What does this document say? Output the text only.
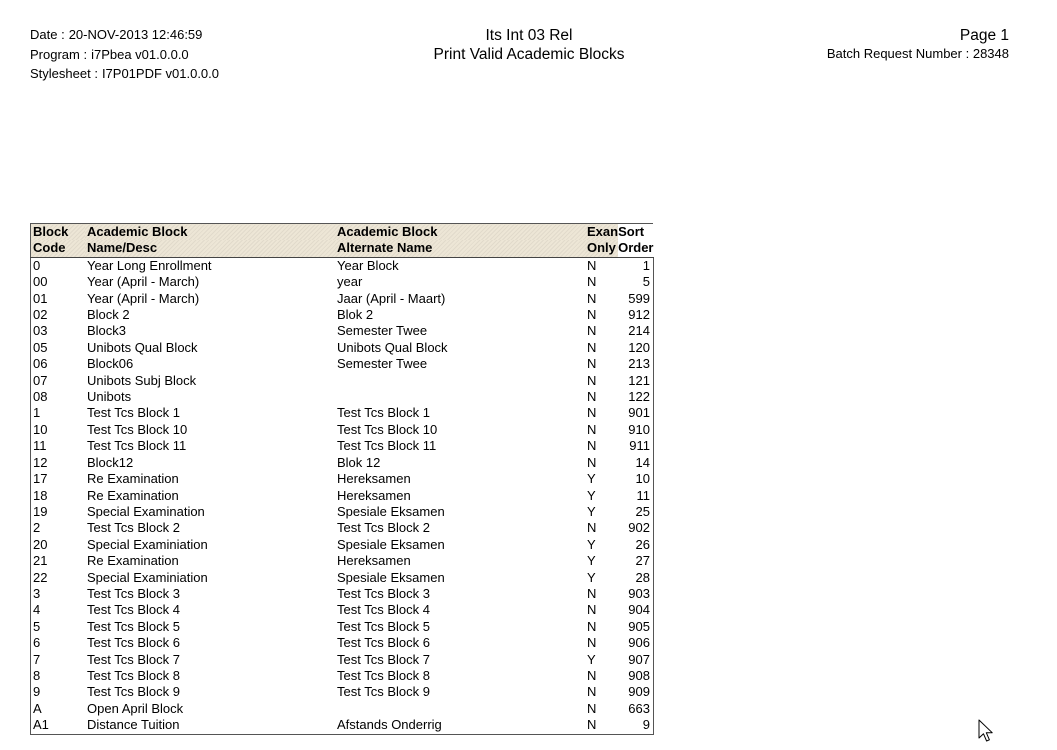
Date : 20-NOV-2013 12:46:59
Program : i7Pbea v01.0.0.0
Stylesheet : I7P01PDF v01.0.0.0
Its Int 03 Rel
Print Valid Academic Blocks
Page 1
Batch Request Number : 28348
Block	Academic Block	Academic Block	Exan	Sort
Code	Name/Desc	Alternate Name	Only	Order
0	Year Long Enrollment	Year Block	N	1
00	Year (April - March)	year	N	5
01	Year (April - March)	Jaar (April - Maart)	N	599
02	Block 2	Blok 2	N	912
03	Block3	Semester Twee	N	214
05	Unibots Qual Block	Unibots Qual Block	N	120
06	Block06	Semester Twee	N	213
07	Unibots Subj Block		N	121
08	Unibots		N	122
1	Test Tcs Block 1	Test Tcs Block 1	N	901
10	Test Tcs Block 10	Test Tcs Block 10	N	910
11	Test Tcs Block 11	Test Tcs Block 11	N	911
12	Block12	Blok 12	N	14
17	Re Examination	Hereksamen	Y	10
18	Re Examination	Hereksamen	Y	11
19	Special Examination	Spesiale Eksamen	Y	25
2	Test Tcs Block 2	Test Tcs Block 2	N	902
20	Special Examiniation	Spesiale Eksamen	Y	26
21	Re Examination	Hereksamen	Y	27
22	Special Examiniation	Spesiale Eksamen	Y	28
3	Test Tcs Block 3	Test Tcs Block 3	N	903
4	Test Tcs Block 4	Test Tcs Block 4	N	904
5	Test Tcs Block 5	Test Tcs Block 5	N	905
6	Test Tcs Block 6	Test Tcs Block 6	N	906
7	Test Tcs Block 7	Test Tcs Block 7	Y	907
8	Test Tcs Block 8	Test Tcs Block 8	N	908
9	Test Tcs Block 9	Test Tcs Block 9	N	909
A	Open April Block		N	663
A1	Distance Tuition	Afstands Onderrig	N	9
